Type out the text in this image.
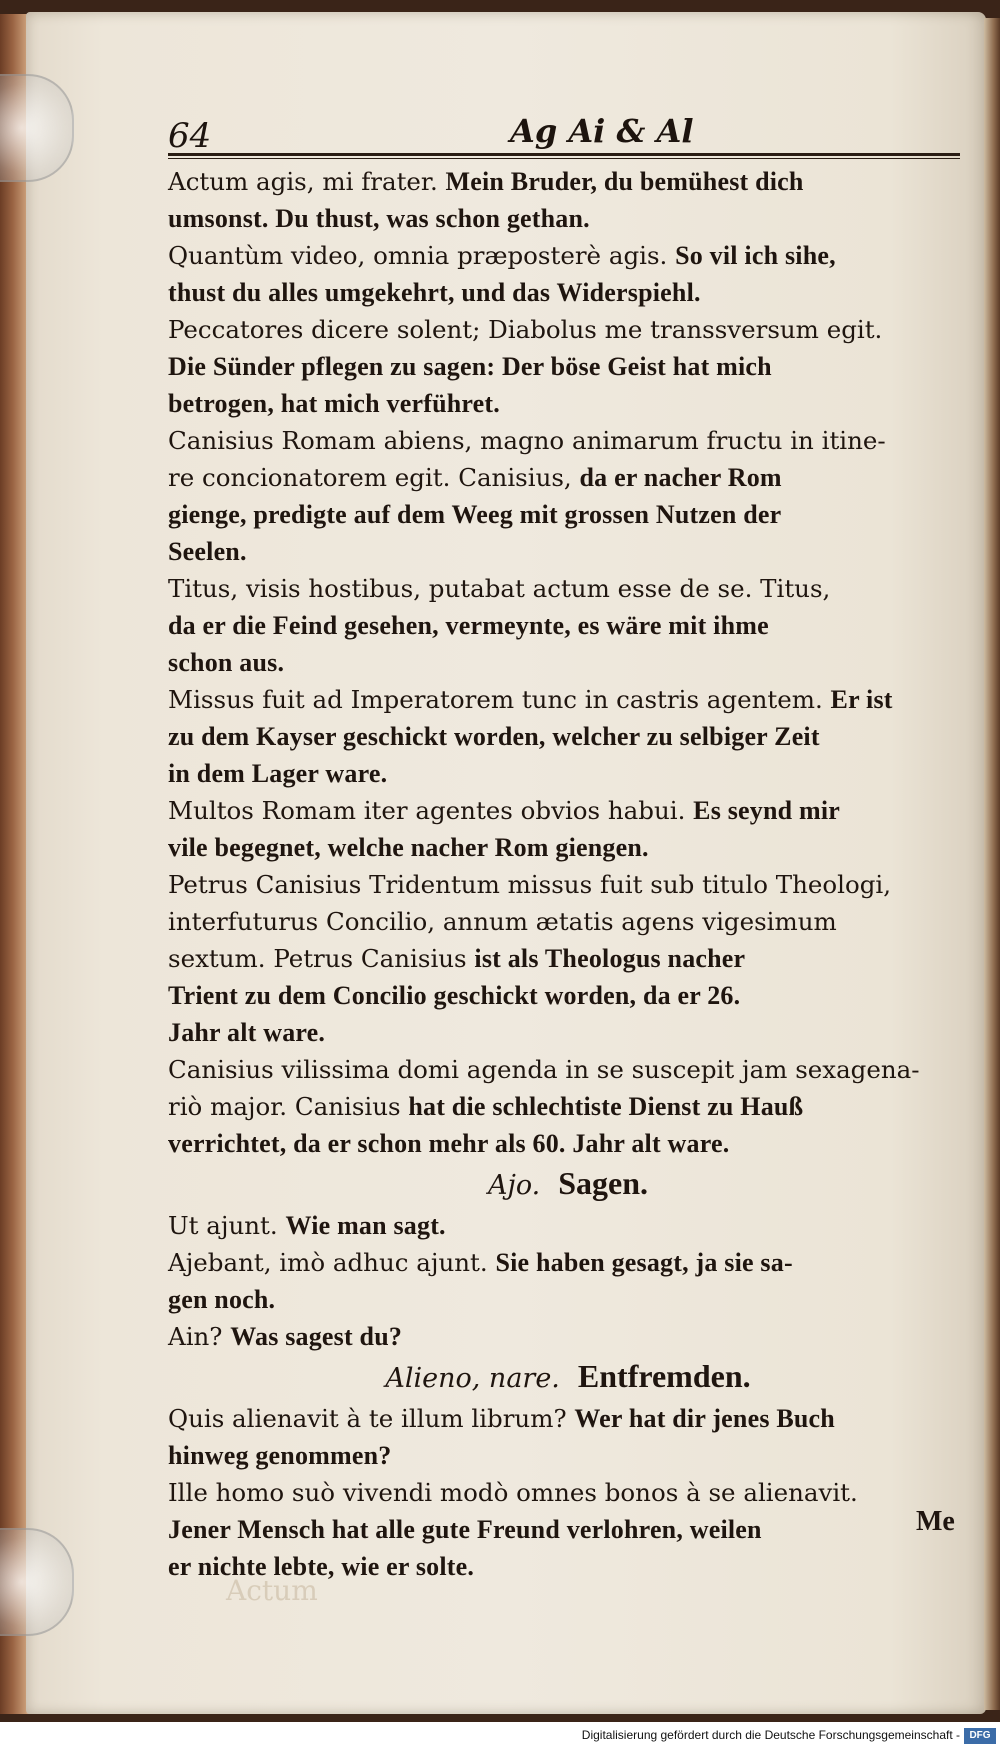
64	Ag Ai & Al
Actum agis, mi frater. Mein Bruder, du bemühest dich
umsonst. Du thust, was schon gethan.
Quantùm video, omnia præposterè agis. So vil ich sihe,
thust du alles umgekehrt, und das Widerspiehl.
Peccatores dicere solent; Diabolus me transsversum egit.
Die Sünder pflegen zu sagen: Der böse Geist hat mich
betrogen, hat mich verführet.
Canisius Romam abiens, magno animarum fructu in itine-
re concionatorem egit. Canisius, da er nacher Rom
gienge, predigte auf dem Weeg mit grossen Nutzen der
Seelen.
Titus, visis hostibus, putabat actum esse de se. Titus,
da er die Feind gesehen, vermeynte, es wäre mit ihme
schon aus.
Missus fuit ad Imperatorem tunc in castris agentem. Er ist
zu dem Kayser geschickt worden, welcher zu selbiger Zeit
in dem Lager ware.
Multos Romam iter agentes obvios habui. Es seynd mir
vile begegnet, welche nacher Rom giengen.
Petrus Canisius Tridentum missus fuit sub titulo Theologi,
interfuturus Concilio, annum ætatis agens vigesimum
sextum. Petrus Canisius ist als Theologus nacher
Trient zu dem Concilio geschickt worden, da er 26.
Jahr alt ware.
Canisius vilissima domi agenda in se suscepit jam sexagena-
riò major. Canisius hat die schlechtiste Dienst zu Hauß
verrichtet, da er schon mehr als 60. Jahr alt ware.
Ajo. Sagen.
Ut ajunt. Wie man sagt.
Ajebant, imò adhuc ajunt. Sie haben gesagt, ja sie sa-
gen noch.
Ain? Was sagest du?
Alieno, nare. Entfremden.
Quis alienavit à te illum librum? Wer hat dir jenes Buch
hinweg genommen?
Ille homo suò vivendi modò omnes bonos à se alienavit.
Jener Mensch hat alle gute Freund verlohren, weilen
er nichte lebte, wie er solte.
Me
Actum
Digitalisierung gefördert durch die Deutsche Forschungsgemeinschaft - DFG
